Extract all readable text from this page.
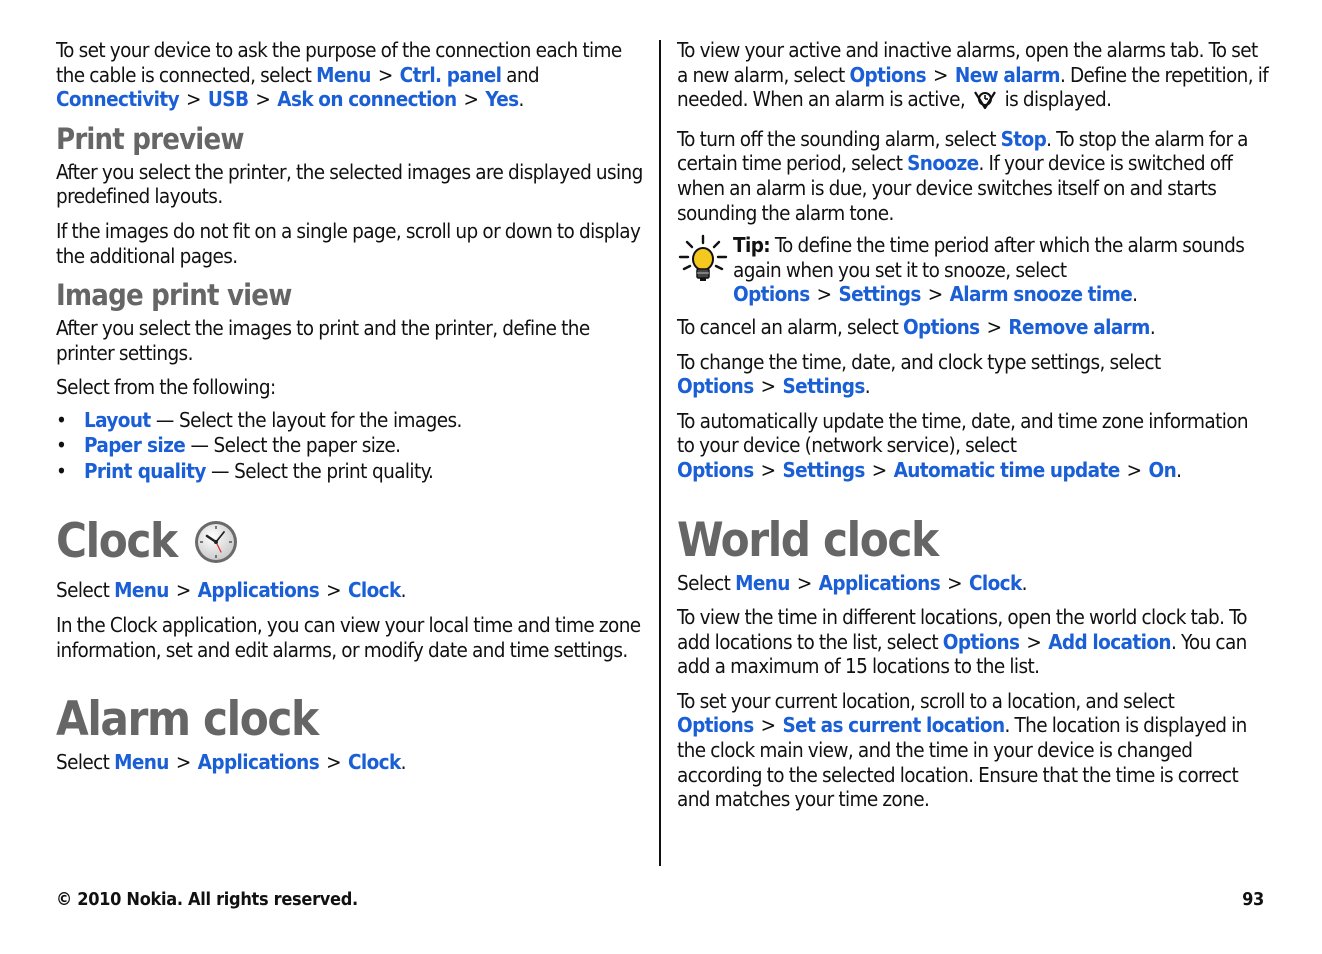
To set your device to ask the purpose of the connection each time the cable is connected, select Menu > Ctrl. panel and Connectivity > USB > Ask on connection > Yes.

Print preview

After you select the printer, the selected images are displayed using predefined layouts.

If the images do not fit on a single page, scroll up or down to display the additional pages.

Image print view

After you select the images to print and the printer, define the printer settings.

Select from the following:

• Layout — Select the layout for the images.
• Paper size — Select the paper size.
• Print quality — Select the print quality.
Clock

Select Menu > Applications > Clock.

In the Clock application, you can view your local time and time zone information, set and edit alarms, or modify date and time settings.

Alarm clock

Select Menu > Applications > Clock.

To view your active and inactive alarms, open the alarms tab. To set a new alarm, select Options > New alarm. Define the repetition, if needed. When an alarm is active,  is displayed.

To turn off the sounding alarm, select Stop. To stop the alarm for a certain time period, select Snooze. If your device is switched off when an alarm is due, your device switches itself on and starts sounding the alarm tone.

Tip: To define the time period after which the alarm sounds again when you set it to snooze, select Options > Settings > Alarm snooze time.

To cancel an alarm, select Options > Remove alarm.

To change the time, date, and clock type settings, select Options > Settings.

To automatically update the time, date, and time zone information to your device (network service), select Options > Settings > Automatic time update > On.

World clock

Select Menu > Applications > Clock.

To view the time in different locations, open the world clock tab. To add locations to the list, select Options > Add location. You can add a maximum of 15 locations to the list.

To set your current location, scroll to a location, and select Options > Set as current location. The location is displayed in the clock main view, and the time in your device is changed according to the selected location. Ensure that the time is correct and matches your time zone.

© 2010 Nokia. All rights reserved.	93
